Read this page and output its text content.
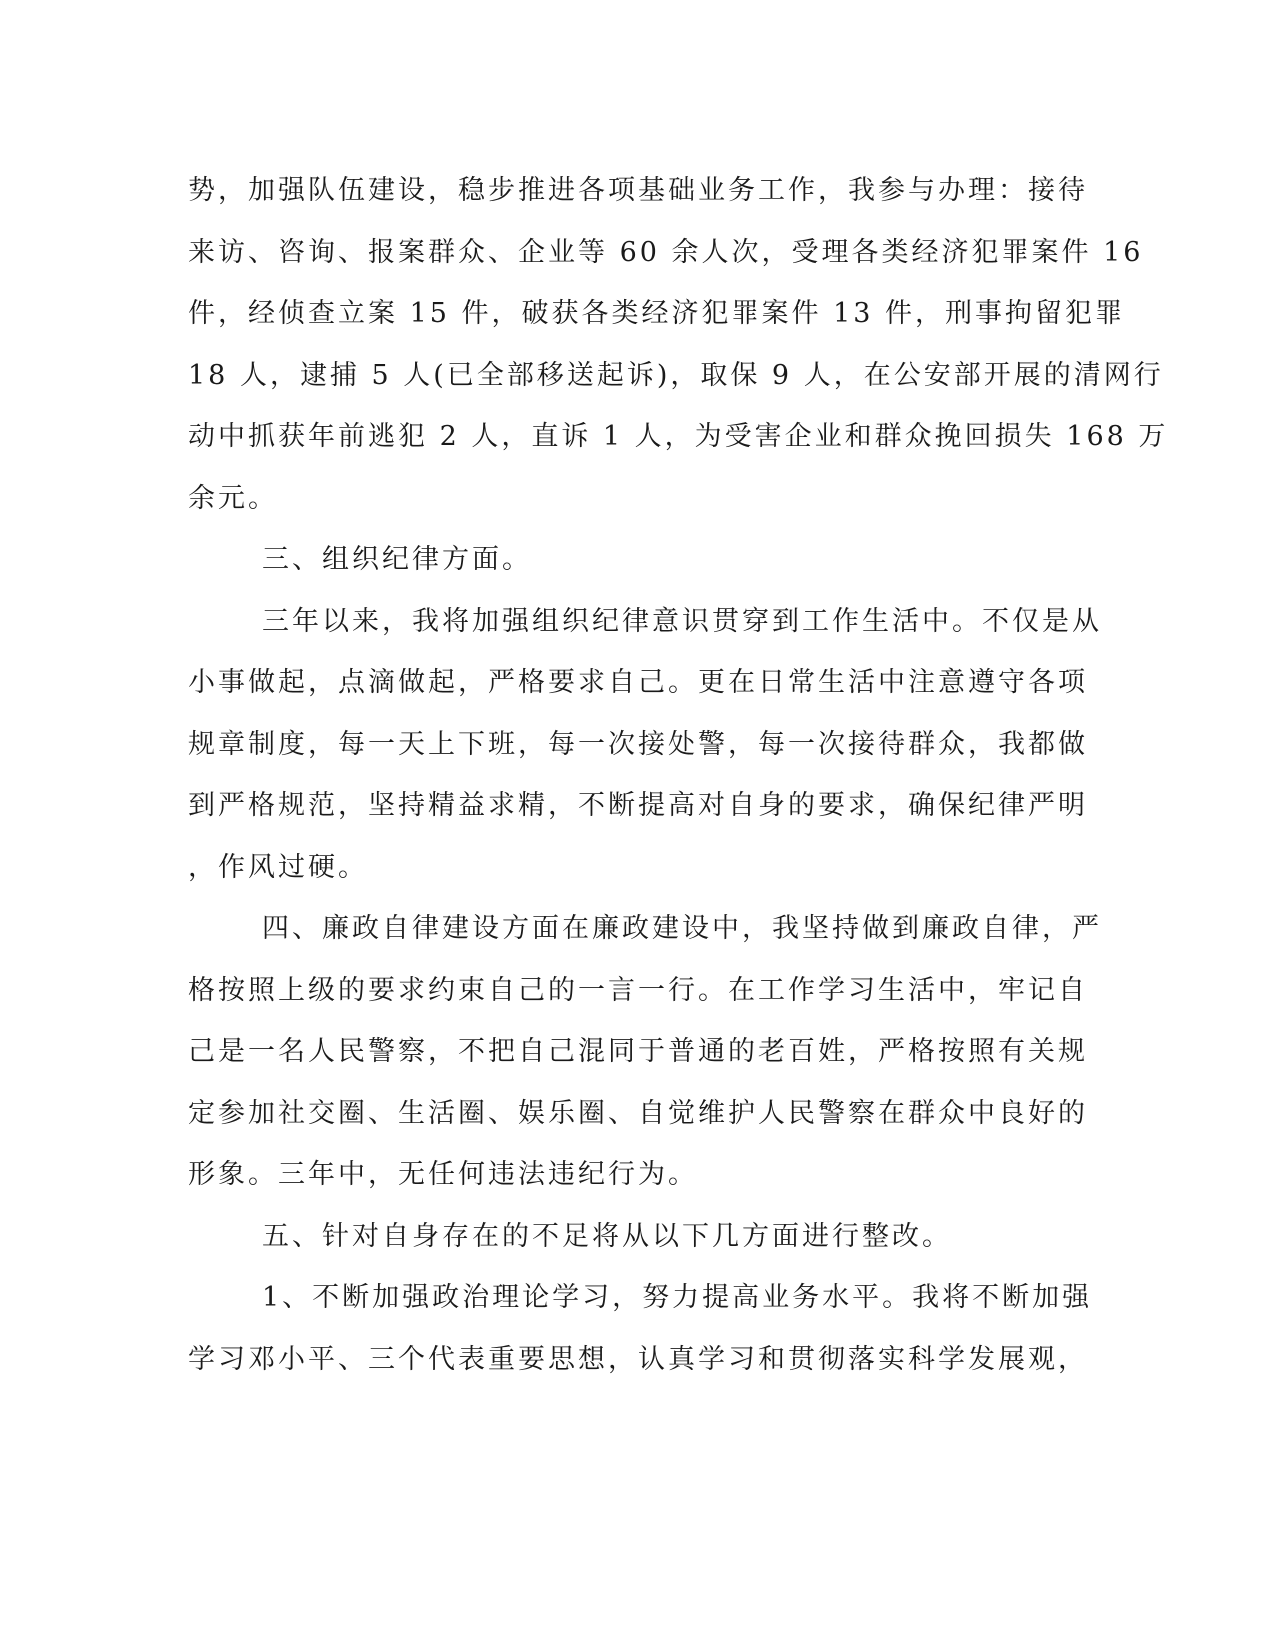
势，加强队伍建设，稳步推进各项基础业务工作，我参与办理：接待
来访、咨询、报案群众、企业等 60 余人次，受理各类经济犯罪案件 16
件，经侦查立案 15 件，破获各类经济犯罪案件 13 件，刑事拘留犯罪
18 人，逮捕 5 人(已全部移送起诉)，取保 9 人，在公安部开展的清网行
动中抓获年前逃犯 2 人，直诉 1 人，为受害企业和群众挽回损失 168 万
余元。
三、组织纪律方面。
三年以来，我将加强组织纪律意识贯穿到工作生活中。不仅是从
小事做起，点滴做起，严格要求自己。更在日常生活中注意遵守各项
规章制度，每一天上下班，每一次接处警，每一次接待群众，我都做
到严格规范，坚持精益求精，不断提高对自身的要求，确保纪律严明
，作风过硬。
四、廉政自律建设方面在廉政建设中，我坚持做到廉政自律，严
格按照上级的要求约束自己的一言一行。在工作学习生活中，牢记自
己是一名人民警察，不把自己混同于普通的老百姓，严格按照有关规
定参加社交圈、生活圈、娱乐圈、自觉维护人民警察在群众中良好的
形象。三年中，无任何违法违纪行为。
五、针对自身存在的不足将从以下几方面进行整改。
1、不断加强政治理论学习，努力提高业务水平。我将不断加强
学习邓小平、三个代表重要思想，认真学习和贯彻落实科学发展观，
